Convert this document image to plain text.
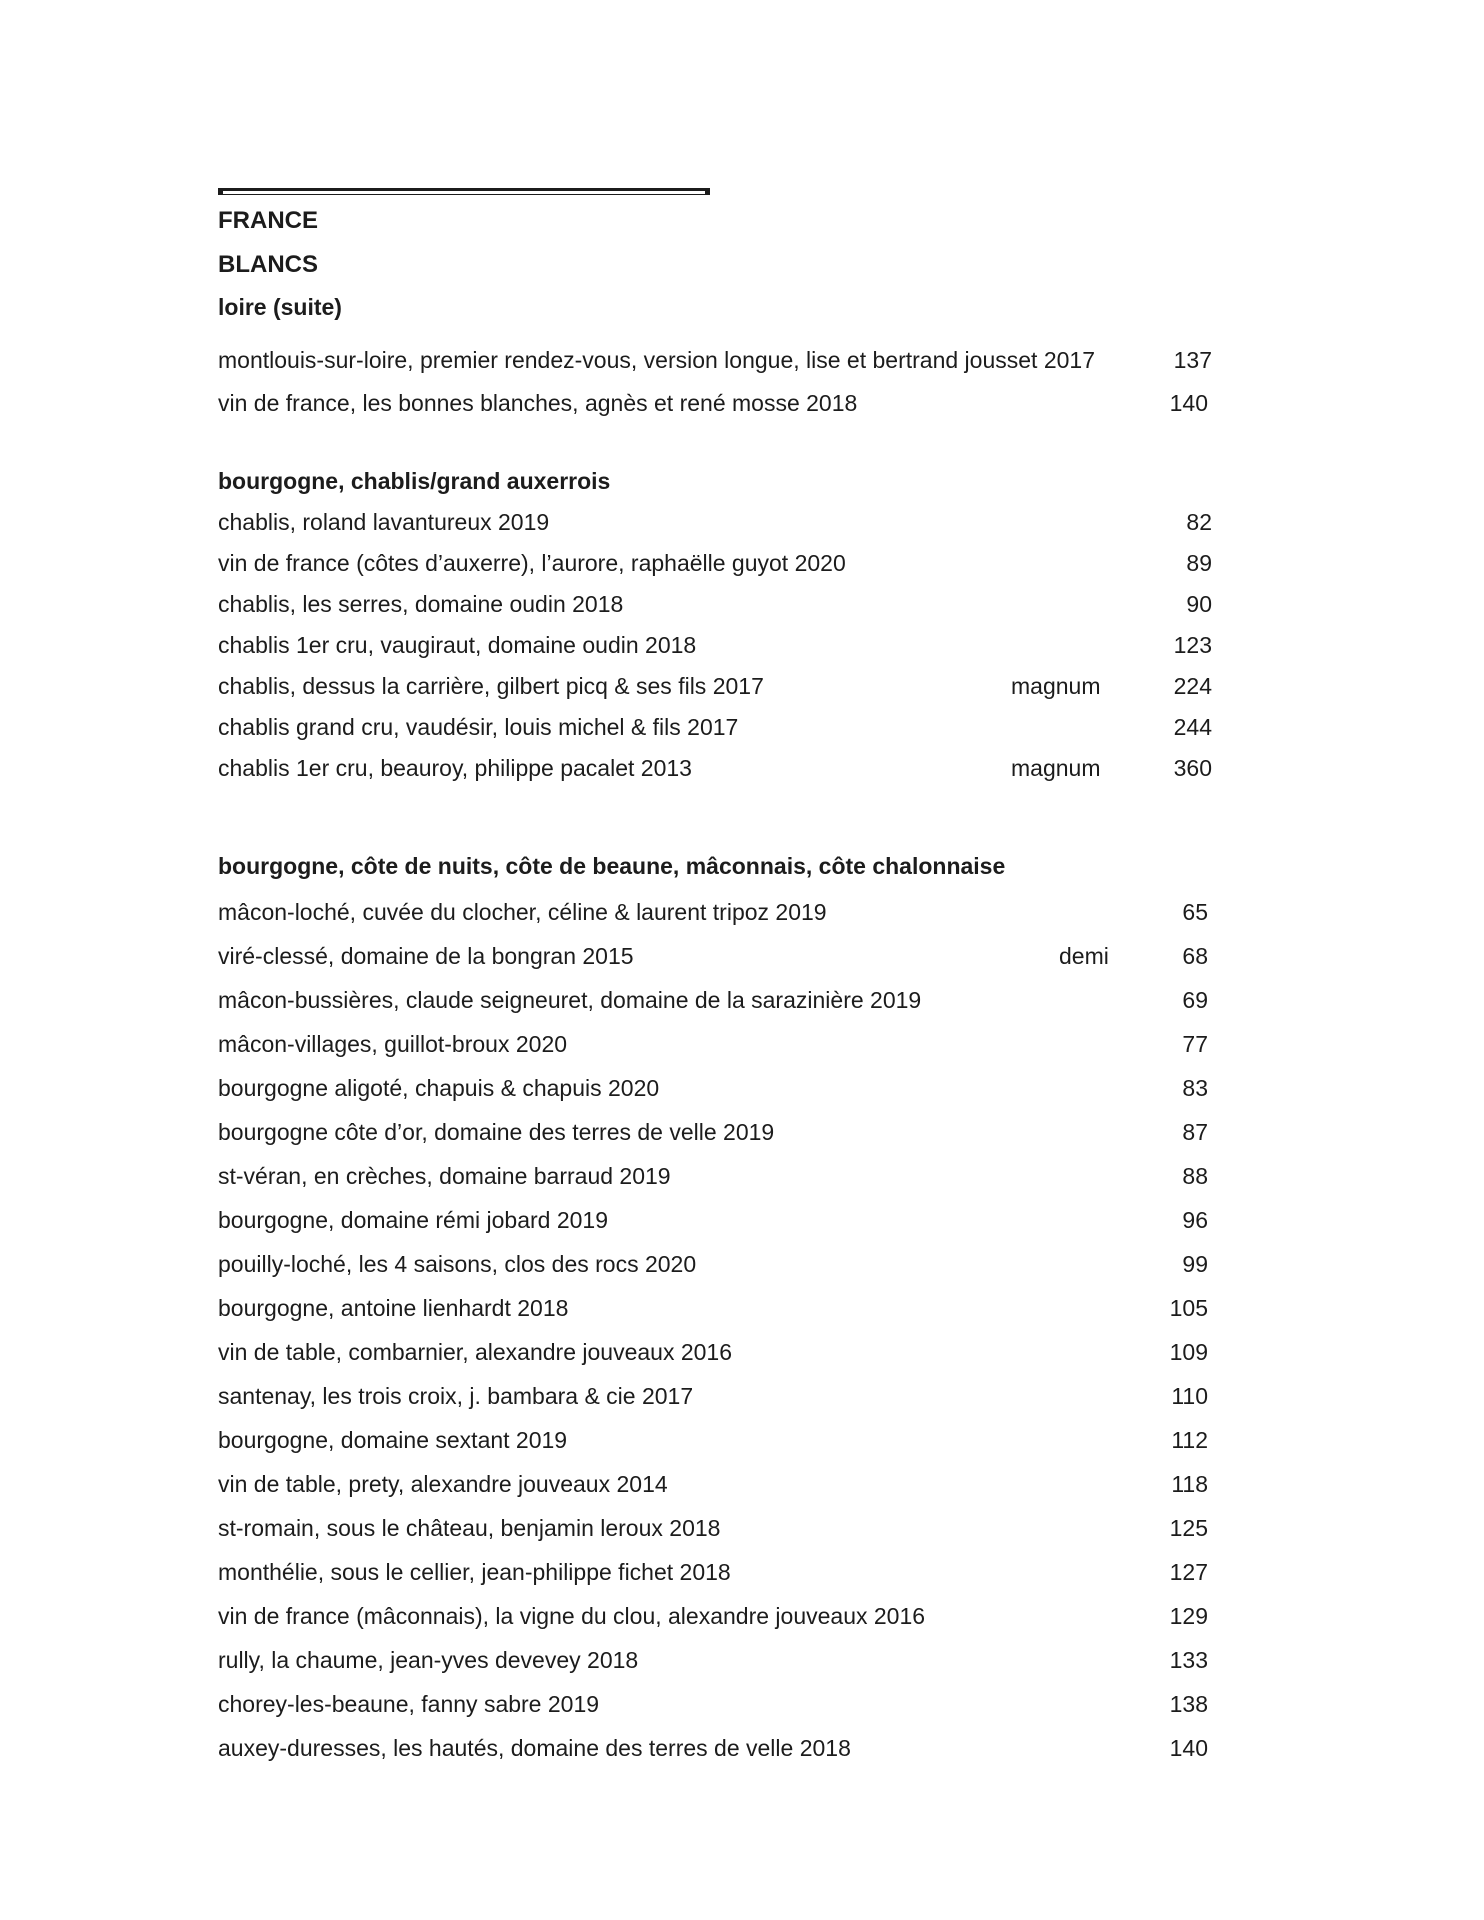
FRANCE
BLANCS
loire (suite)
montlouis-sur-loire, premier rendez-vous, version longue, lise et bertrand jousset 2017	137
vin de france, les bonnes blanches, agnès et rené mosse 2018	140
bourgogne, chablis/grand auxerrois
chablis, roland lavantureux 2019	82
vin de france (côtes d’auxerre), l’aurore, raphaëlle guyot 2020	89
chablis, les serres, domaine oudin 2018	90
chablis 1er cru, vaugiraut, domaine oudin 2018	123
chablis, dessus la carrière, gilbert picq & ses fils 2017	magnum	224
chablis grand cru, vaudésir, louis michel & fils 2017	244
chablis 1er cru, beauroy, philippe pacalet 2013	magnum	360
bourgogne, côte de nuits, côte de beaune, mâconnais, côte chalonnaise
mâcon-loché, cuvée du clocher, céline & laurent tripoz 2019	65
viré-clessé, domaine de la bongran 2015	demi	68
mâcon-bussières, claude seigneuret, domaine de la sarazinière 2019	69
mâcon-villages, guillot-broux 2020	77
bourgogne aligoté, chapuis & chapuis 2020	83
bourgogne côte d’or, domaine des terres de velle 2019	87
st-véran, en crèches, domaine barraud 2019	88
bourgogne, domaine rémi jobard 2019	96
pouilly-loché, les 4 saisons, clos des rocs 2020	99
bourgogne, antoine lienhardt 2018	105
vin de table, combarnier, alexandre jouveaux 2016	109
santenay, les trois croix, j. bambara & cie 2017	110
bourgogne, domaine sextant 2019	112
vin de table, prety, alexandre jouveaux 2014	118
st-romain, sous le château, benjamin leroux 2018	125
monthélie, sous le cellier, jean-philippe fichet 2018	127
vin de france (mâconnais), la vigne du clou, alexandre jouveaux 2016	129
rully, la chaume, jean-yves devevey 2018	133
chorey-les-beaune, fanny sabre 2019	138
auxey-duresses, les hautés, domaine des terres de velle 2018	140
